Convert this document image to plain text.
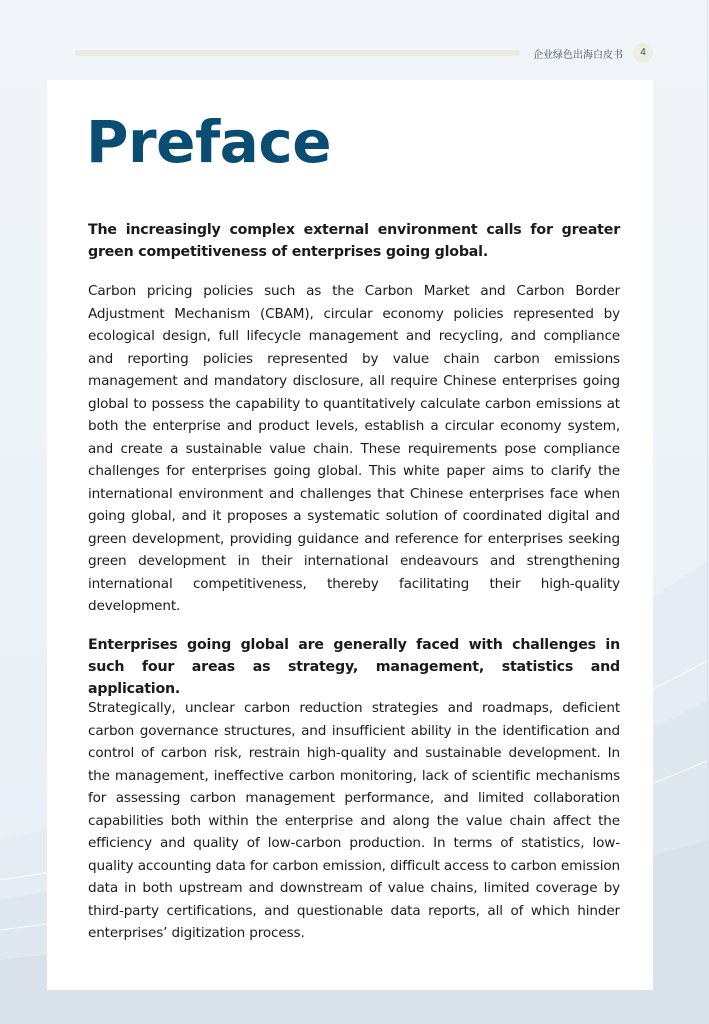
企业绿色出海白皮书	4
Preface

The increasingly complex external environment calls for greater green competitiveness of enterprises going global.

Carbon pricing policies such as the Carbon Market and Carbon Border Adjustment Mechanism (CBAM), circular economy policies represented by ecological design, full lifecycle management and recycling, and compliance and reporting policies represented by value chain carbon emissions management and mandatory disclosure, all require Chinese enterprises going global to possess the capability to quantitatively calculate carbon emissions at both the enterprise and product levels, establish a circular economy system, and create a sustainable value chain. These requirements pose compliance challenges for enterprises going global. This white paper aims to clarify the international environment and challenges that Chinese enterprises face when going global, and it proposes a systematic solution of coordinated digital and green development, providing guidance and reference for enterprises seeking green development in their international endeavours and strengthening international competitiveness, thereby facilitating their high-quality development.

Enterprises going global are generally faced with challenges in such four areas as strategy, management, statistics and application.

Strategically, unclear carbon reduction strategies and roadmaps, deficient carbon governance structures, and insufficient ability in the identification and control of carbon risk, restrain high-quality and sustainable development. In the management, ineffective carbon monitoring, lack of scientific mechanisms for assessing carbon management performance, and limited collaboration capabilities both within the enterprise and along the value chain affect the efficiency and quality of low-carbon production. In terms of statistics, low-quality accounting data for carbon emission, difficult access to carbon emission data in both upstream and downstream of value chains, limited coverage by third-party certifications, and questionable data reports, all of which hinder enterprises’ digitization process.
